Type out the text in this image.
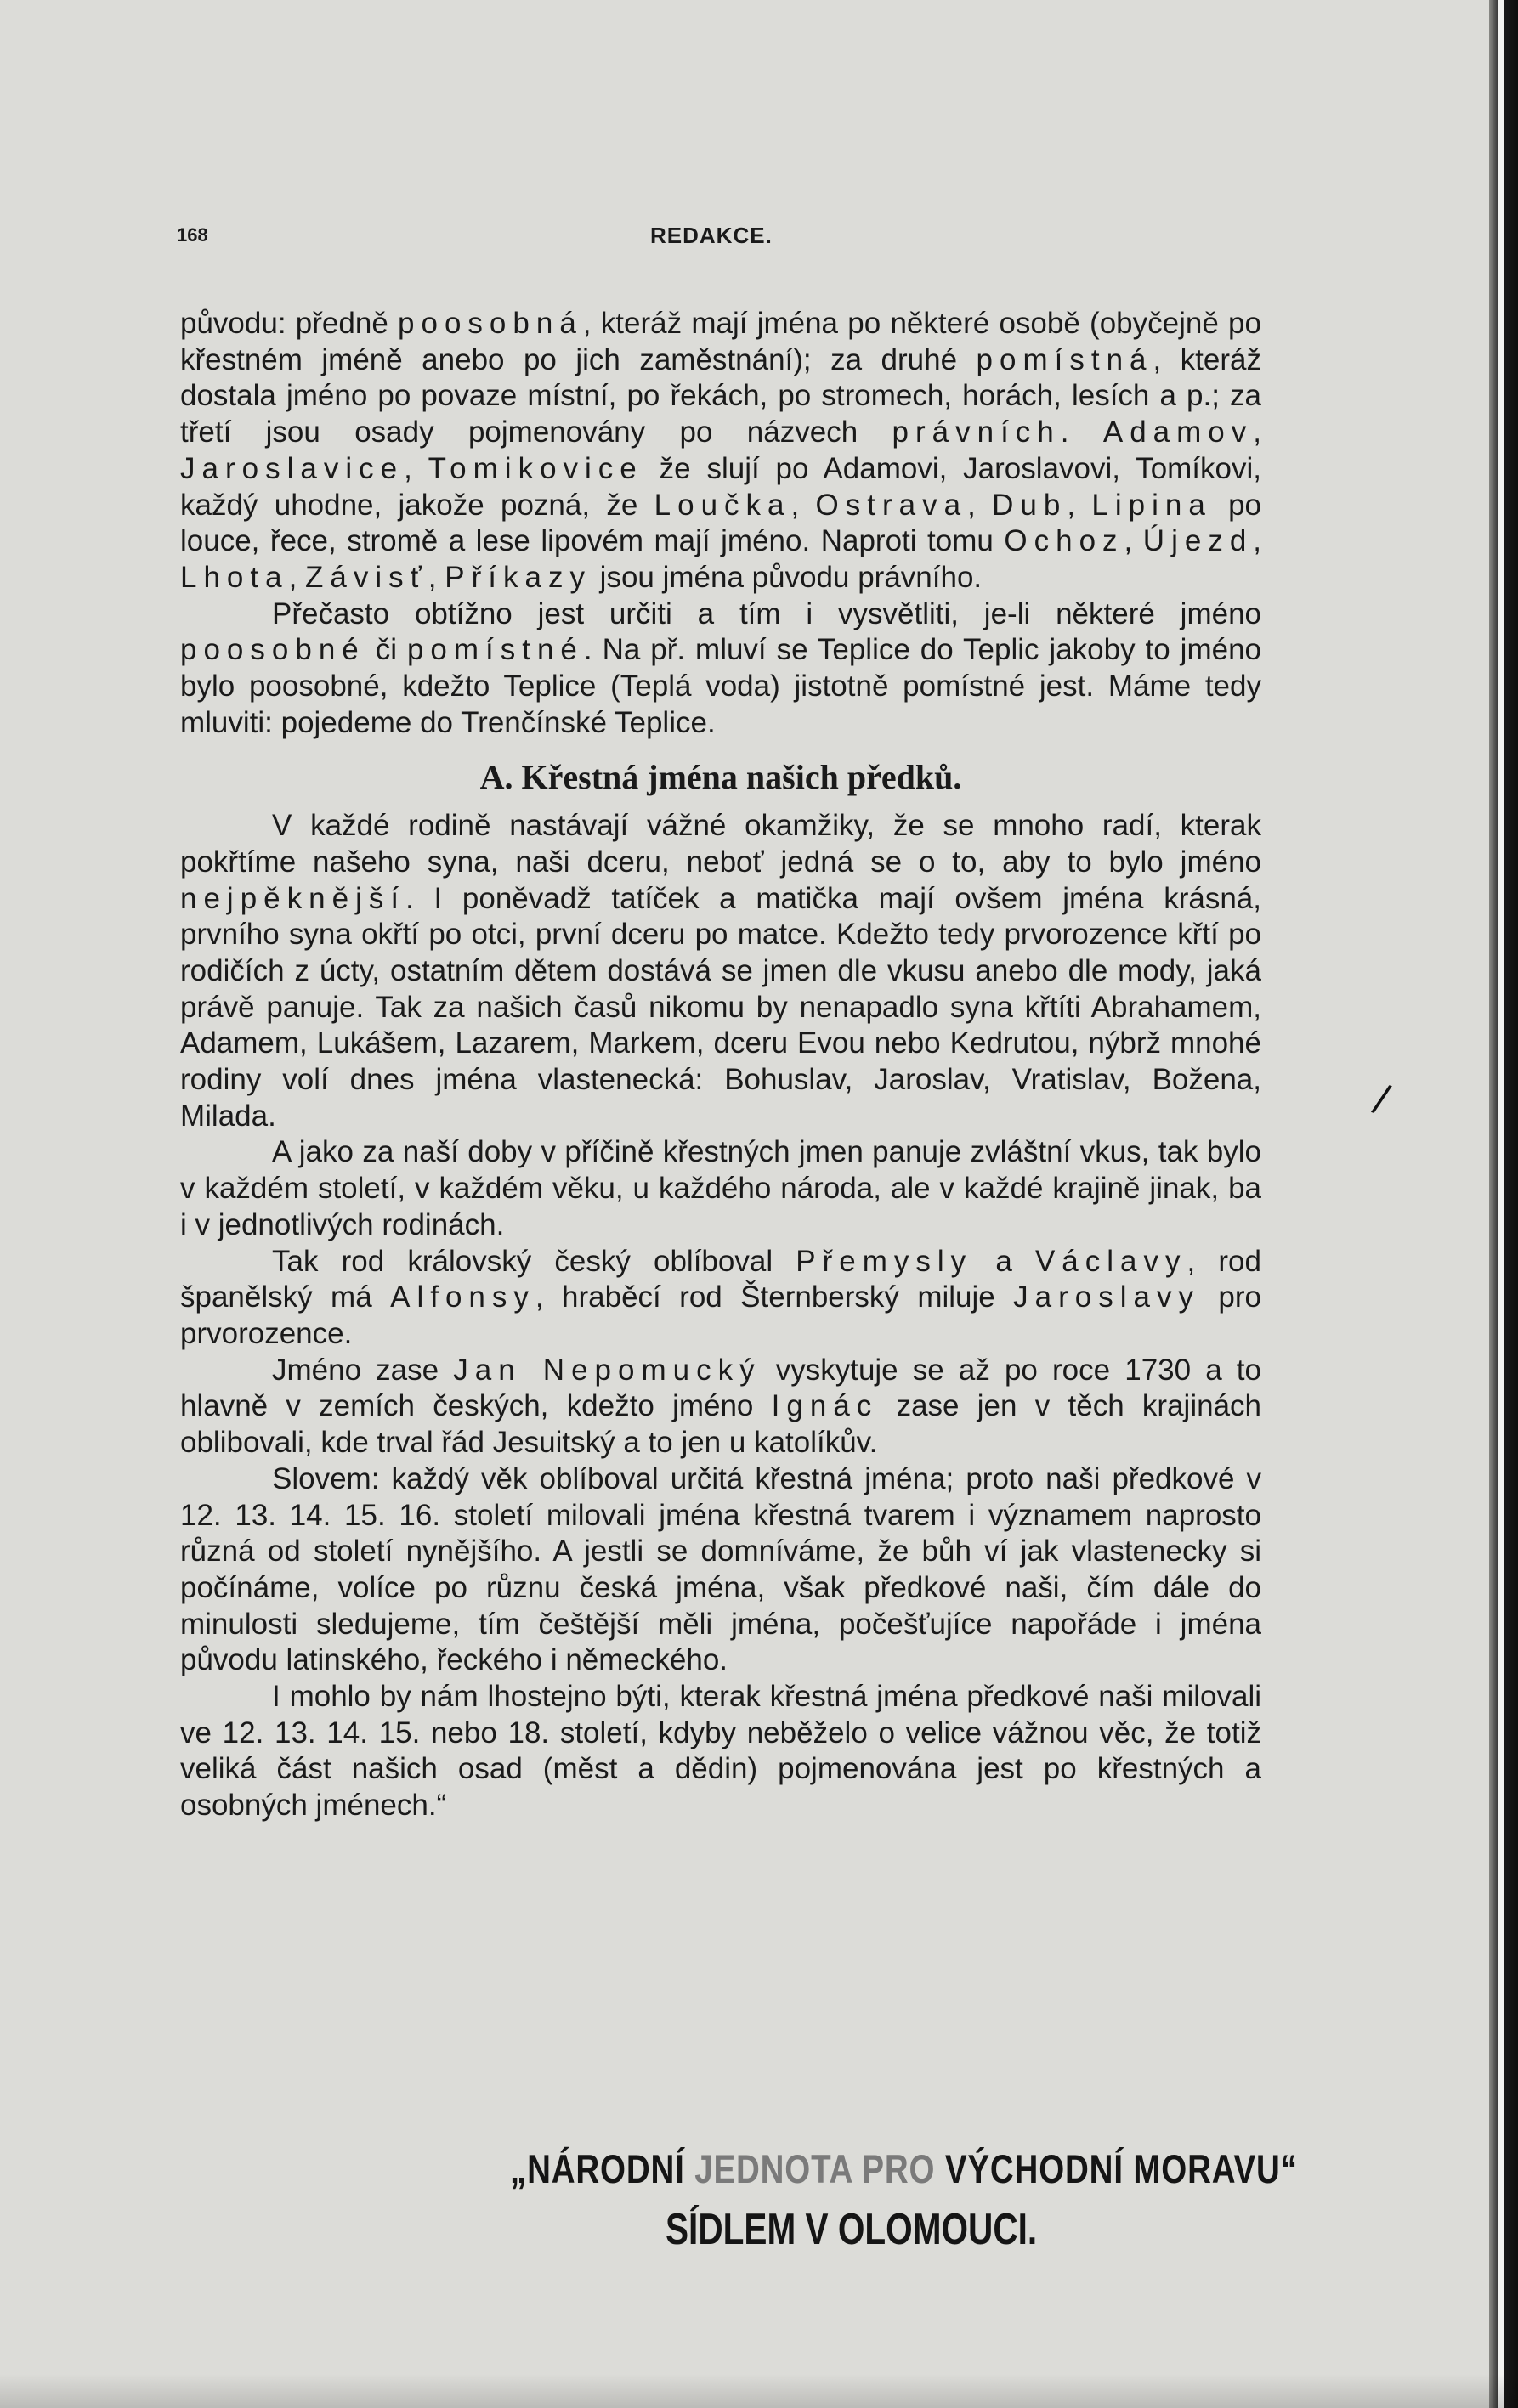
168	REDAKCE.

původu: předně poosobná, kteráž mají jména po některé osobě (obyčejně po křestném jméně anebo po jich zaměstnání); za druhé pomístná, kteráž dostala jméno po povaze místní, po řekách, po stromech, horách, lesích a p.; za třetí jsou osady pojmenovány po názvech právních. Adamov, Jaroslavice, Tomikovice že slují po Adamovi, Jaroslavovi, Tomíkovi, každý uhodne, jakože pozná, že Loučka, Ostrava, Dub, Lipina po louce, řece, stromě a lese lipovém mají jméno. Naproti tomu Ochoz, Újezd, Lhota, Závisť, Příkazy jsou jména původu právního.

Přečasto obtížno jest určiti a tím i vysvětliti, je-li některé jméno poosobné či pomístné. Na př. mluví se Teplice do Teplic jakoby to jméno bylo poosobné, kdežto Teplice (Teplá voda) jistotně pomístné jest. Máme tedy mluviti: pojedeme do Trenčínské Teplice.

A. Křestná jména našich předků.

V každé rodině nastávají vážné okamžiky, že se mnoho radí, kterak pokřtíme našeho syna, naši dceru, neboť jedná se o to, aby to bylo jméno nejpěknější. I poněvadž tatíček a matička mají ovšem jména krásná, prvního syna okřtí po otci, první dceru po matce. Kdežto tedy prvorozence křtí po rodičích z úcty, ostatním dětem dostává se jmen dle vkusu anebo dle mody, jaká právě panuje. Tak za našich časů nikomu by nenapadlo syna křtíti Abrahamem, Adamem, Lukášem, Lazarem, Markem, dceru Evou nebo Kedrutou, nýbrž mnohé rodiny volí dnes jména vlastenecká: Bohuslav, Jaroslav, Vratislav, Božena, Milada.

A jako za naší doby v příčině křestných jmen panuje zvláštní vkus, tak bylo v každém století, v každém věku, u každého národa, ale v každé krajině jinak, ba i v jednotlivých rodinách.

Tak rod královský český oblíboval Přemysly a Václavy, rod španělský má Alfonsy, hraběcí rod Šternberský miluje Jaroslavy pro prvorozence.

Jméno zase Jan Nepomucký vyskytuje se až po roce 1730 a to hlavně v zemích českých, kdežto jméno Ignác zase jen v těch krajinách oblibovali, kde trval řád Jesuitský a to jen u katolíkův.

Slovem: každý věk oblíboval určitá křestná jména; proto naši předkové v 12. 13. 14. 15. 16. století milovali jména křestná tvarem i významem naprosto různá od století nynějšího. A jestli se domníváme, že bůh ví jak vlastenecky si počínáme, volíce po různu česká jména, však předkové naši, čím dále do minulosti sledujeme, tím češtější měli jména, počešťujíce napořáde i jména původu latinského, řeckého i německého.

I mohlo by nám lhostejno býti, kterak křestná jména předkové naši milovali ve 12. 13. 14. 15. nebo 18. století, kdyby neběželo o velice vážnou věc, že totiž veliká část našich osad (měst a dědin) pojmenována jest po křestných a osobných jménech.“

/
„NÁRODNÍ JEDNOTA PRO VÝCHODNÍ MORAVU“
SÍDLEM V OLOMOUCI.
